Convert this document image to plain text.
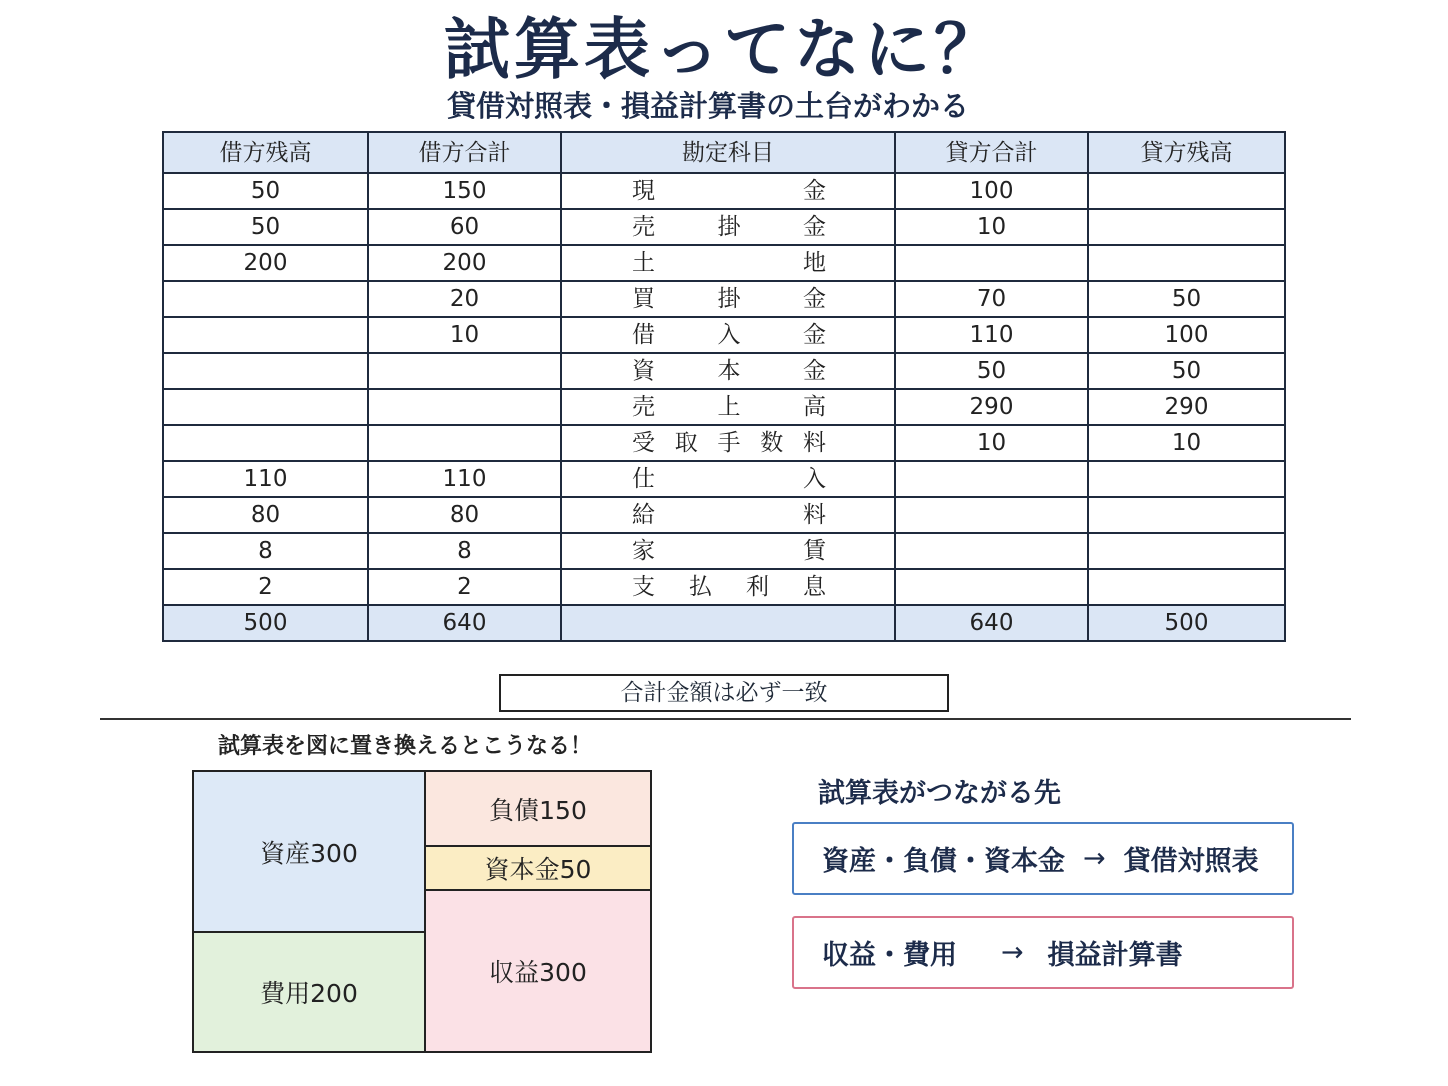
試算表ってなに？
貸借対照表・損益計算書の土台がわかる
借方残高	借方合計	勘定科目	貸方合計	貸方残高
50	150	現 金	100	
50	60	売 掛 金	10	
200	200	土 地		

	20	買 掛 金	70	50
	10	借 入 金	110	100

		資 本 金	50	50

		売 上 高	290	290

		受 取 手 数 料	10	10
110	110	仕 入		

80	80	給 料		

8	8	家 賃		

2	2	支 払 利 息		

500	640		640	500
合計金額は必ず一致
試算表を図に置き換えるとこうなる！
資産300
費用200
負債150
資本金50
収益300
試算表がつながる先
資産・負債・資本金 → 貸借対照表
収益・費用 → 損益計算書
